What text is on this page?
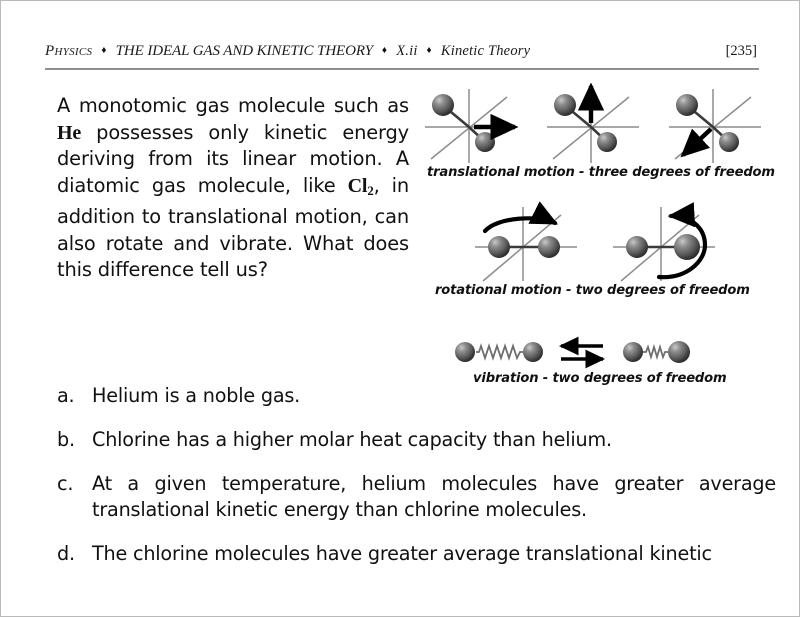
Physics ♦ THE IDEAL GAS AND KINETIC THEORY ♦ X.ii ♦ Kinetic Theory	[235]
A monotomic gas molecule such as He possesses only kinetic energy deriving from its linear motion. A diatomic gas molecule, like $Cl_2$, in addition to translational motion, can also rotate and vibrate. What does this difference tell us?
translational motion - three degrees of freedom
rotational motion - two degrees of freedom
vibration - two degrees of freedom
a. Helium is a noble gas.
b. Chlorine has a higher molar heat capacity than helium.
c. At a given temperature, helium molecules have greater average translational kinetic energy than chlorine molecules.
d. The chlorine molecules have greater average translational kinetic
